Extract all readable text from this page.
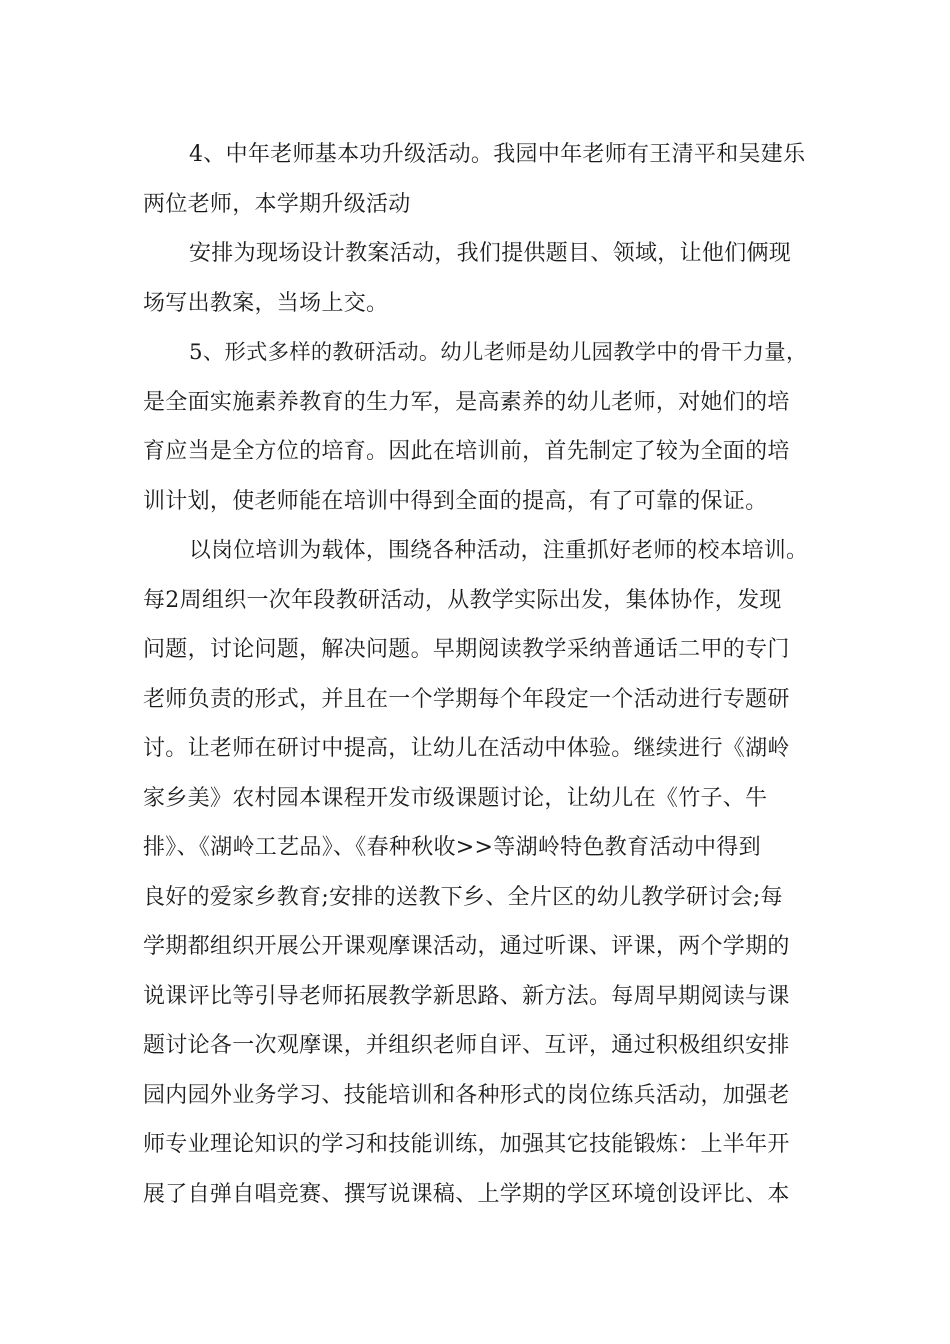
4、中年老师基本功升级活动。我园中年老师有王清平和吴建乐

两位老师，本学期升级活动

安排为现场设计教案活动，我们提供题目、领域，让他们俩现

场写出教案，当场上交。

5、形式多样的教研活动。幼儿老师是幼儿园教学中的骨干力量，

是全面实施素养教育的生力军，是高素养的幼儿老师，对她们的培

育应当是全方位的培育。因此在培训前，首先制定了较为全面的培

训计划，使老师能在培训中得到全面的提高，有了可靠的保证。

以岗位培训为载体，围绕各种活动，注重抓好老师的校本培训。

每2周组织一次年段教研活动，从教学实际出发，集体协作，发现

问题，讨论问题，解决问题。早期阅读教学采纳普通话二甲的专门

老师负责的形式，并且在一个学期每个年段定一个活动进行专题研

讨。让老师在研讨中提高，让幼儿在活动中体验。继续进行《湖岭

家乡美》农村园本课程开发市级课题讨论，让幼儿在《竹子、牛

排》、《湖岭工艺品》、《春种秋收>>等湖岭特色教育活动中得到

良好的爱家乡教育;安排的送教下乡、全片区的幼儿教学研讨会;每

学期都组织开展公开课观摩课活动，通过听课、评课，两个学期的

说课评比等引导老师拓展教学新思路、新方法。每周早期阅读与课

题讨论各一次观摩课，并组织老师自评、互评，通过积极组织安排

园内园外业务学习、技能培训和各种形式的岗位练兵活动，加强老

师专业理论知识的学习和技能训练，加强其它技能锻炼：上半年开

展了自弹自唱竞赛、撰写说课稿、上学期的学区环境创设评比、本
